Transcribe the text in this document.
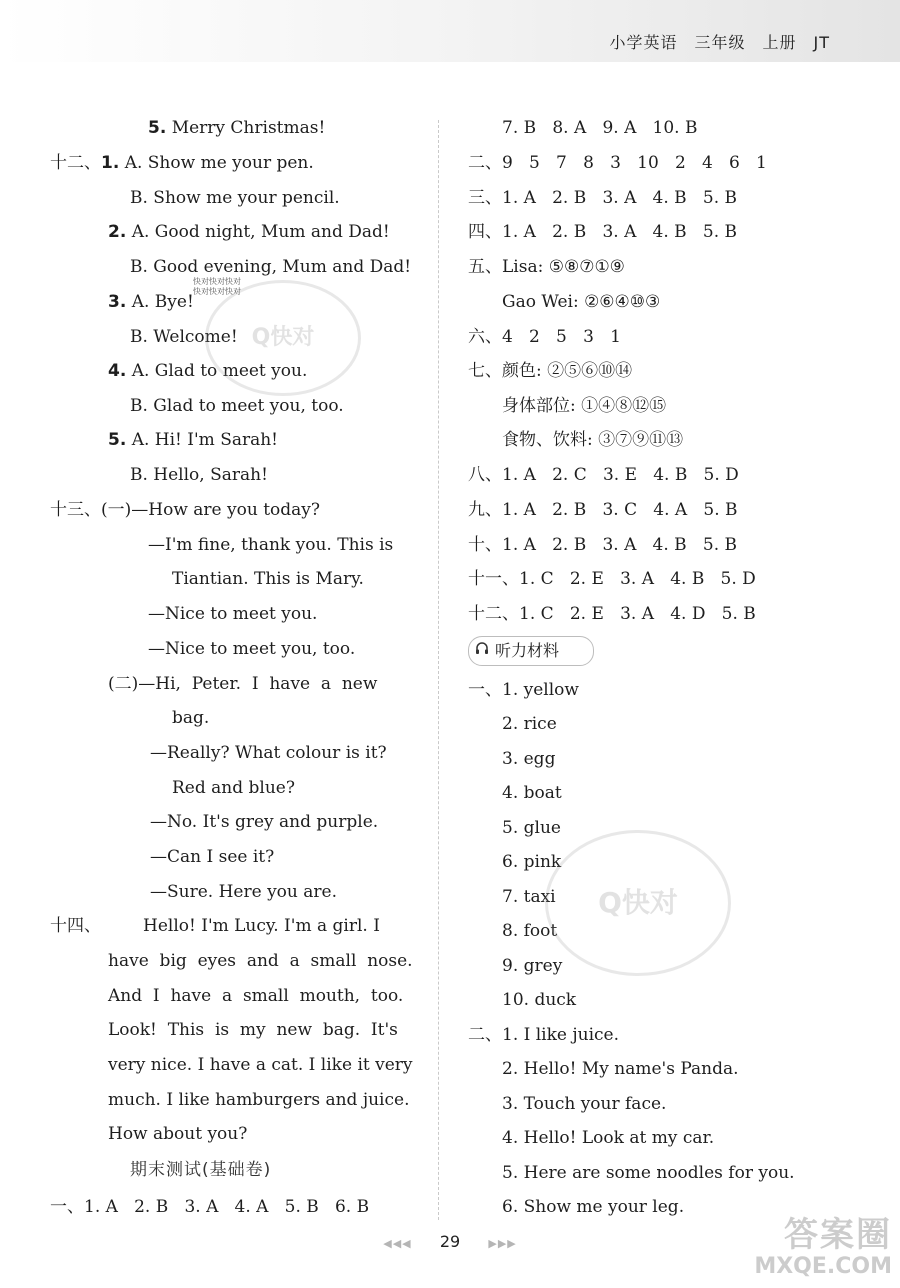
小学英语　三年级　上册　JT
5. Merry Christmas!
十二、1. A. Show me your pen.
B. Show me your pencil.
2. A. Good night, Mum and Dad!
B. Good evening, Mum and Dad!
3. A. Bye!
B. Welcome!
4. A. Glad to meet you.
B. Glad to meet you, too.
5. A. Hi! I'm Sarah!
B. Hello, Sarah!
十三、(一)—How are you today?
—I'm fine, thank you. This is
Tiantian. This is Mary.
—Nice to meet you.
—Nice to meet you, too.
(二)—Hi,  Peter.  I  have  a  new
bag.
—Really? What colour is it?
Red and blue?
—No. It's grey and purple.
—Can I see it?
—Sure. Here you are.
十四、 Hello! I'm Lucy. I'm a girl. I
have  big  eyes  and  a  small  nose.
And  I  have  a  small  mouth,  too.
Look!  This  is  my  new  bag.  It's
very nice. I have a cat. I like it very
much. I like hamburgers and juice.
How about you?
期末测试(基础卷)
一、1. A   2. B   3. A   4. A   5. B   6. B
7. B   8. A   9. A   10. B
二、9   5   7   8   3   10   2   4   6   1
三、1. A   2. B   3. A   4. B   5. B
四、1. A   2. B   3. A   4. B   5. B
五、Lisa: ⑤⑧⑦①⑨
Gao Wei: ②⑥④⑩③
六、4   2   5   3   1
七、颜色: ②⑤⑥⑩⑭
身体部位: ①④⑧⑫⑮
食物、饮料: ③⑦⑨⑪⑬
八、1. A   2. C   3. E   4. B   5. D
九、1. A   2. B   3. C   4. A   5. B
十、1. A   2. B   3. A   4. B   5. B
十一、1. C   2. E   3. A   4. B   5. D
十二、1. C   2. E   3. A   4. D   5. B
听力材料
一、1. yellow
2. rice
3. egg
4. boat
5. glue
6. pink
7. taxi
8. foot
9. grey
10. duck
二、1. I like juice.
2. Hello! My name's Panda.
3. Touch your face.
4. Hello! Look at my car.
5. Here are some noodles for you.
6. Show me your leg.
快对快对快对
快对快对快对
Q快对
Q快对
◀◀◀ 29	▶▶▶	答案圈
MXQE.COM
